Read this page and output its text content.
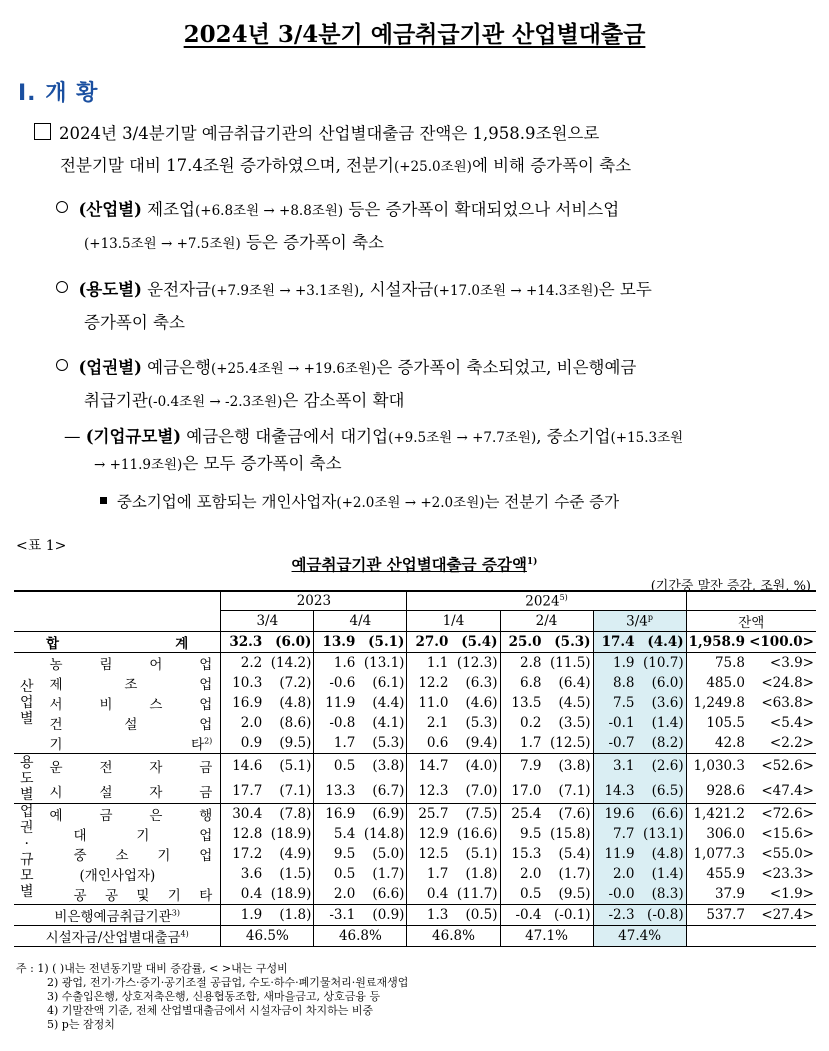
2024년 3/4분기 예금취급기관 산업별대출금
Ⅰ. 개 황
2024년 3/4분기말 예금취급기관의 산업별대출금 잔액은 1,958.9조원으로
전분기말 대비 17.4조원 증가하였으며, 전분기(+25.0조원)에 비해 증가폭이 축소
(산업별) 제조업(+6.8조원 → +8.8조원) 등은 증가폭이 확대되었으나 서비스업
(+13.5조원 → +7.5조원) 등은 증가폭이 축소
(용도별) 운전자금(+7.9조원 → +3.1조원), 시설자금(+17.0조원 → +14.3조원)은 모두
증가폭이 축소
(업권별) 예금은행(+25.4조원 → +19.6조원)은 증가폭이 축소되었고, 비은행예금
취급기관(-0.4조원 → -2.3조원)은 감소폭이 확대
— (기업규모별) 예금은행 대출금에서 대기업(+9.5조원 → +7.7조원), 중소기업(+15.3조원
→ +11.9조원)은 모두 증가폭이 축소
중소기업에 포함되는 개인사업자(+2.0조원 → +2.0조원)는 전분기 수준 증가
<표 1>
예금취급기관 산업별대출금 증감액$^{1)}$
(기간중 말잔 증감, 조원, %)
		2023				2024$^{5)}$	
		3/4		4/4		1/4		2/4		3/4$^p$		잔액	

합 계		32.3	(6.0)	13.9	(5.1)	27.0	(5.4)	25.0	(5.3)	17.4	(4.4)	1,958.9	<100.0>

산업별	농 림 어 업	2.2	(14.2)	1.6	(13.1)	1.1	(12.3)	2.8	(11.5)	1.9	(10.7)	75.8	<3.9>

	제 조 업	10.3	(7.2)	-0.6	(6.1)	12.2	(6.3)	6.8	(6.4)	8.8	(6.0)	485.0	<24.8>

	서 비 스 업	16.9	(4.8)	11.9	(4.4)	11.0	(4.6)	13.5	(4.5)	7.5	(3.6)	1,249.8	<63.8>

	건 설 업	2.0	(8.6)	-0.8	(4.1)	2.1	(5.3)	0.2	(3.5)	-0.1	(1.4)	105.5	<5.4>

	기 타$^{2)}$	0.9	(9.5)	1.7	(5.3)	0.6	(9.4)	1.7	(12.5)	-0.7	(8.2)	42.8	<2.2>

용도별	운 전 자 금	14.6	(5.1)	0.5	(3.8)	14.7	(4.0)	7.9	(3.8)	3.1	(2.6)	1,030.3	<52.6>

	시 설 자 금	17.7	(7.1)	13.3	(6.7)	12.3	(7.0)	17.0	(7.1)	14.3	(6.5)	928.6	<47.4>

업권·규모별	예 금 은 행	30.4	(7.8)	16.9	(6.9)	25.7	(7.5)	25.4	(7.6)	19.6	(6.6)	1,421.2	<72.6>

	대 기 업	12.8	(18.9)	5.4	(14.8)	12.9	(16.6)	9.5	(15.8)	7.7	(13.1)	306.0	<15.6>

	중 소 기 업	17.2	(4.9)	9.5	(5.0)	12.5	(5.1)	15.3	(5.4)	11.9	(4.8)	1,077.3	<55.0>

	(개인사업자)	3.6	(1.5)	0.5	(1.7)	1.7	(1.8)	2.0	(1.7)	2.0	(1.4)	455.9	<23.3>

	공 공 및 기 타	0.4	(18.9)	2.0	(6.6)	0.4	(11.7)	0.5	(9.5)	-0.0	(8.3)	37.9	<1.9>
비은행예금취급기관$^{3)}$		1.9	(1.8)	-3.1	(0.9)	1.3	(0.5)	-0.4	(-0.1)	-2.3	(-0.8)	537.7	<27.4>
시설자금/산업별대출금$^{4)}$		46.5%		46.8%		46.8%		47.1%		47.4%			
주 : 1) ( )내는 전년동기말 대비 증감률, < >내는 구성비
2) 광업, 전기·가스·증기·공기조절 공급업, 수도·하수·폐기물처리·원료재생업
3) 수출입은행, 상호저축은행, 신용협동조합, 새마을금고, 상호금융 등
4) 기말잔액 기준, 전체 산업별대출금에서 시설자금이 차지하는 비중
5) p는 잠정치
